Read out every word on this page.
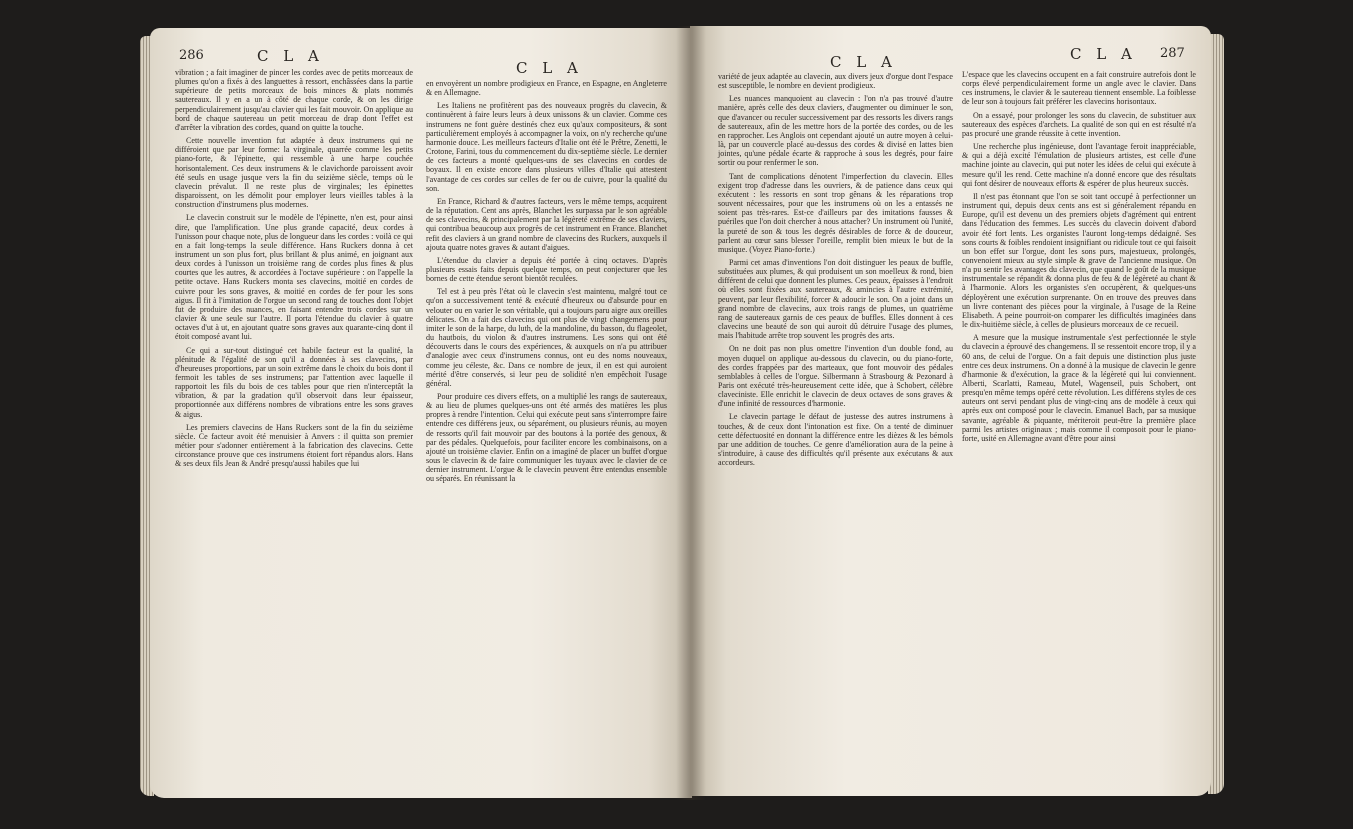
286	C L A
C L A

vibration ; a fait imaginer de pincer les cordes avec de petits morceaux de plumes qu'on a fixés à des languettes à ressort, enchâssées dans la partie supérieure de petits morceaux de bois minces & plats nommés sautereaux. Il y en a un à côté de chaque corde, & on les dirige perpendiculairement jusqu'au clavier qui les fait mouvoir. On applique au bord de chaque sautereau un petit morceau de drap dont l'effet est d'arrêter la vibration des cordes, quand on quitte la touche.

Cette nouvelle invention fut adaptée à deux instrumens qui ne différoient que par leur forme: la virginale, quarrée comme les petits piano-forte, & l'épinette, qui ressemble à une harpe couchée horisontalement. Ces deux instrumens & le clavichorde paroissent avoir été seuls en usage jusque vers la fin du seizième siècle, temps où le clavecin prévalut. Il ne reste plus de virginales; les épinettes disparoissent, on les démolit pour employer leurs vieilles tables à la construction d'instrumens plus modernes.

Le clavecin construit sur le modèle de l'épinette, n'en est, pour ainsi dire, que l'amplification. Une plus grande capacité, deux cordes à l'unisson pour chaque note, plus de longueur dans les cordes : voilà ce qui en a fait long-temps la seule différence. Hans Ruckers donna à cet instrument un son plus fort, plus brillant & plus animé, en joignant aux deux cordes à l'unisson un troisième rang de cordes plus fines & plus courtes que les autres, & accordées à l'octave supérieure : on l'appelle la petite octave. Hans Ruckers monta ses clavecins, moitié en cordes de cuivre pour les sons graves, & moitié en cordes de fer pour les sons aigus. Il fit à l'imitation de l'orgue un second rang de touches dont l'objet fut de produire des nuances, en faisant entendre trois cordes sur un clavier & une seule sur l'autre. Il porta l'étendue du clavier à quatre octaves d'ut à ut, en ajoutant quatre sons graves aux quarante-cinq dont il étoit composé avant lui.

Ce qui a sur-tout distingué cet habile facteur est la qualité, la plénitude & l'égalité de son qu'il a données à ses clavecins, par d'heureuses proportions, par un soin extrême dans le choix du bois dont il fermoit les tables de ses instrumens; par l'attention avec laquelle il rapportoit les fils du bois de ces tables pour que rien n'interceptât la vibration, & par la gradation qu'il observoit dans leur épaisseur, proportionnée aux différens nombres de vibrations entre les sons graves & aigus.

Les premiers clavecins de Hans Ruckers sont de la fin du seizième siècle. Ce facteur avoit été menuisier à Anvers : il quitta son premier métier pour s'adonner entièrement à la fabrication des clavecins. Cette circonstance prouve que ces instrumens étoient fort répandus alors. Hans & ses deux fils Jean & André presqu'aussi habiles que lui

en envoyèrent un nombre prodigieux en France, en Espagne, en Angleterre & en Allemagne.

Les Italiens ne profitèrent pas des nouveaux progrès du clavecin, & continuèrent à faire leurs leurs à deux unissons & un clavier. Comme ces instrumens ne font guère destinés chez eux qu'aux compositeurs, & sont particulièrement employés à accompagner la voix, on n'y recherche qu'une harmonie douce. Les meilleurs facteurs d'Italie ont été le Prêtre, Zenetti, le Crotone, Farini, tous du commencement du dix-septième siècle. Le dernier de ces facteurs a monté quelques-uns de ses clavecins en cordes de boyaux. Il en existe encore dans plusieurs villes d'Italie qui attestent l'avantage de ces cordes sur celles de fer ou de cuivre, pour la qualité du son.

En France, Richard & d'autres facteurs, vers le même temps, acquirent de la réputation. Cent ans après, Blanchet les surpassa par le son agréable de ses clavecins, & principalement par la légèreté extrême de ses claviers, qui contribua beaucoup aux progrès de cet instrument en France. Blanchet refit des claviers à un grand nombre de clavecins des Ruckers, auxquels il ajouta quatre notes graves & autant d'aigues.

L'étendue du clavier a depuis été portée à cinq octaves. D'après plusieurs essais faits depuis quelque temps, on peut conjecturer que les bornes de cette étendue seront bientôt reculées.

Tel est à peu près l'état où le clavecin s'est maintenu, malgré tout ce qu'on a successivement tenté & exécuté d'heureux ou d'absurde pour en velouter ou en varier le son véritable, qui a toujours paru aigre aux oreilles délicates. On a fait des clavecins qui ont plus de vingt changemens pour imiter le son de la harpe, du luth, de la mandoline, du basson, du flageolet, du hautbois, du violon & d'autres instrumens. Les sons qui ont été découverts dans le cours des expériences, & auxquels on n'a pu attribuer d'analogie avec ceux d'instrumens connus, ont eu des noms nouveaux, comme jeu céleste, &c. Dans ce nombre de jeux, il en est qui auroient mérité d'être conservés, si leur peu de solidité n'en empêchoit l'usage général.

Pour produire ces divers effets, on a multiplié les rangs de sautereaux, & au lieu de plumes quelques-uns ont été armés des matières les plus propres à rendre l'intention. Celui qui exécute peut sans s'interrompre faire entendre ces différens jeux, ou séparément, ou plusieurs réunis, au moyen de ressorts qu'il fait mouvoir par des boutons à la portée des genoux, & par des pédales. Quelquefois, pour faciliter encore les combinaisons, on a ajouté un troisième clavier. Enfin on a imaginé de placer un buffet d'orgue sous le clavecin & de faire communiquer les tuyaux avec le clavier de ce dernier instrument. L'orgue & le clavecin peuvent être entendus ensemble ou séparés. En réunissant la

C L A	C L A 287

variété de jeux adaptée au clavecin, aux divers jeux d'orgue dont l'espace est susceptible, le nombre en devient prodigieux.

Les nuances manquoient au clavecin : l'on n'a pas trouvé d'autre manière, après celle des deux claviers, d'augmenter ou diminuer le son, que d'avancer ou reculer successivement par des ressorts les divers rangs de sautereaux, afin de les mettre hors de la portée des cordes, ou de les en rapprocher. Les Anglois ont cependant ajouté un autre moyen à celui-là, par un couvercle placé au-dessus des cordes & divisé en lattes bien jointes, qu'une pédale écarte & rapproche à sous les degrés, pour faire sortir ou pour renfermer le son.

Tant de complications dénotent l'imperfection du clavecin. Elles exigent trop d'adresse dans les ouvriers, & de patience dans ceux qui exécutent : les ressorts en sont trop gênans & les réparations trop souvent nécessaires, pour que les instrumens où on les a entassés ne soient pas très-rares. Est-ce d'ailleurs par des imitations fausses & puériles que l'on doit chercher à nous attacher? Un instrument où l'unité, la pureté de son & tous les degrés désirables de force & de douceur, parlent au cœur sans blesser l'oreille, remplit bien mieux le but de la musique. (Voyez Piano-forte.)

Parmi cet amas d'inventions l'on doit distinguer les peaux de buffle, substituées aux plumes, & qui produisent un son moelleux & rond, bien différent de celui que donnent les plumes. Ces peaux, épaisses à l'endroit où elles sont fixées aux sautereaux, & amincies à l'autre extrémité, peuvent, par leur flexibilité, forcer & adoucir le son. On a joint dans un grand nombre de clavecins, aux trois rangs de plumes, un quatrième rang de sautereaux garnis de ces peaux de buffles. Elles donnent à ces clavecins une beauté de son qui auroit dû détruire l'usage des plumes, mais l'habitude arrête trop souvent les progrès des arts.

On ne doit pas non plus omettre l'invention d'un double fond, au moyen duquel on applique au-dessous du clavecin, ou du piano-forte, des cordes frappées par des marteaux, que font mouvoir des pédales semblables à celles de l'orgue. Silbermann à Strasbourg & Pezonard à Paris ont exécuté très-heureusement cette idée, que à Schobert, célèbre claveciniste. Elle enrichit le clavecin de deux octaves de sons graves & d'une infinité de ressources d'harmonie.

Le clavecin partage le défaut de justesse des autres instrumens à touches, & de ceux dont l'intonation est fixe. On a tenté de diminuer cette défectuosité en donnant la différence entre les dièzes & les bémols par une addition de touches. Ce genre d'amélioration aura de la peine à s'introduire, à cause des difficultés qu'il présente aux exécutans & aux accordeurs.

L'espace que les clavecins occupent en a fait construire autrefois dont le corps élevé perpendiculairement forme un angle avec le clavier. Dans ces instrumens, le clavier & le sautereau tiennent ensemble. La foiblesse de leur son à toujours fait préférer les clavecins horisontaux.

On a essayé, pour prolonger les sons du clavecin, de substituer aux sautereaux des espèces d'archets. La qualité de son qui en est résulté n'a pas procuré une grande réussite à cette invention.

Une recherche plus ingénieuse, dont l'avantage feroit inappréciable, & qui a déjà excité l'émulation de plusieurs artistes, est celle d'une machine jointe au clavecin, qui put noter les idées de celui qui exécute à mesure qu'il les rend. Cette machine n'a donné encore que des résultats qui font désirer de nouveaux efforts & espérer de plus heureux succès.

Il n'est pas étonnant que l'on se soit tant occupé à perfectionner un instrument qui, depuis deux cents ans est si généralement répandu en Europe, qu'il est devenu un des premiers objets d'agrément qui entrent dans l'éducation des femmes. Les succès du clavecin doivent d'abord avoir été fort lents. Les organistes l'auront long-temps dédaigné. Ses sons courts & foibles rendoient insignifiant ou ridicule tout ce qui faisoit un bon effet sur l'orgue, dont les sons purs, majestueux, prolongés, convenoient mieux au style simple & grave de l'ancienne musique. On n'a pu sentir les avantages du clavecin, que quand le goût de la musique instrumentale se répandit & donna plus de feu & de légèreté au chant & à l'harmonie. Alors les organistes s'en occupèrent, & quelques-uns déployèrent une exécution surprenante. On en trouve des preuves dans un livre contenant des pièces pour la virginale, à l'usage de la Reine Elisabeth. A peine pourroit-on comparer les difficultés imaginées dans le dix-huitième siècle, à celles de plusieurs morceaux de ce recueil.

A mesure que la musique instrumentale s'est perfectionnée le style du clavecin a éprouvé des changemens. Il se ressentoit encore trop, il y a 60 ans, de celui de l'orgue. On a fait depuis une distinction plus juste entre ces deux instrumens. On a donné à la musique de clavecin le genre d'harmonie & d'exécution, la grace & la légèreté qui lui conviennent. Alberti, Scarlatti, Rameau, Mutel, Wagenseil, puis Schobert, ont presqu'en même temps opéré cette révolution. Les différens styles de ces auteurs ont servi pendant plus de vingt-cinq ans de modèle à ceux qui après eux ont composé pour le clavecin. Emanuel Bach, par sa musique savante, agréable & piquante, mériteroit peut-être la première place parmi les artistes originaux ; mais comme il composoit pour le piano-forte, usité en Allemagne avant d'être pour ainsi
